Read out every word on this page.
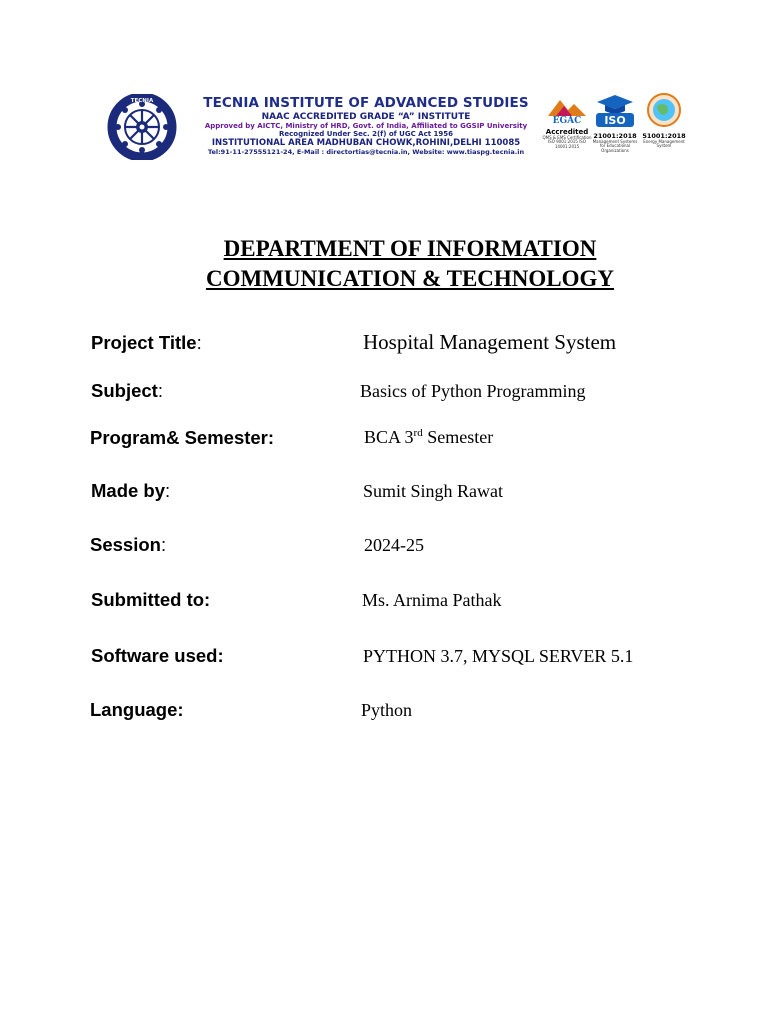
TECNIA	TECNIA INSTITUTE OF ADVANCED STUDIES
NAAC ACCREDITED GRADE “A” INSTITUTE
Approved by AICTC, Ministry of HRD, Govt. of India, Affiliated to GGSIP University
Recognized Under Sec. 2(f) of UGC Act 1956
INSTITUTIONAL AREA MADHUBAN CHOWK,ROHINI,DELHI 110085
Tel:91-11-27555121-24, E-Mail : directortias@tecnia.in, Website: www.tiaspg.tecnia.in
EGAC
Accredited
QMS & EMS Certification ISO 9001:2015 ISO 14001:2015
ISO
21001:2018
Management Systems for Educational Organizations
51001:2018
Energy Management System
DEPARTMENT OF INFORMATION
COMMUNICATION & TECHNOLOGY
Project Title:	Hospital Management System
Subject:	Basics of Python Programming
Program& Semester:	BCA 3rd Semester
Made by:	Sumit Singh Rawat
Session:	2024-25
Submitted to:	Ms. Arnima Pathak
Software used:	PYTHON 3.7, MYSQL SERVER 5.1
Language:	Python
